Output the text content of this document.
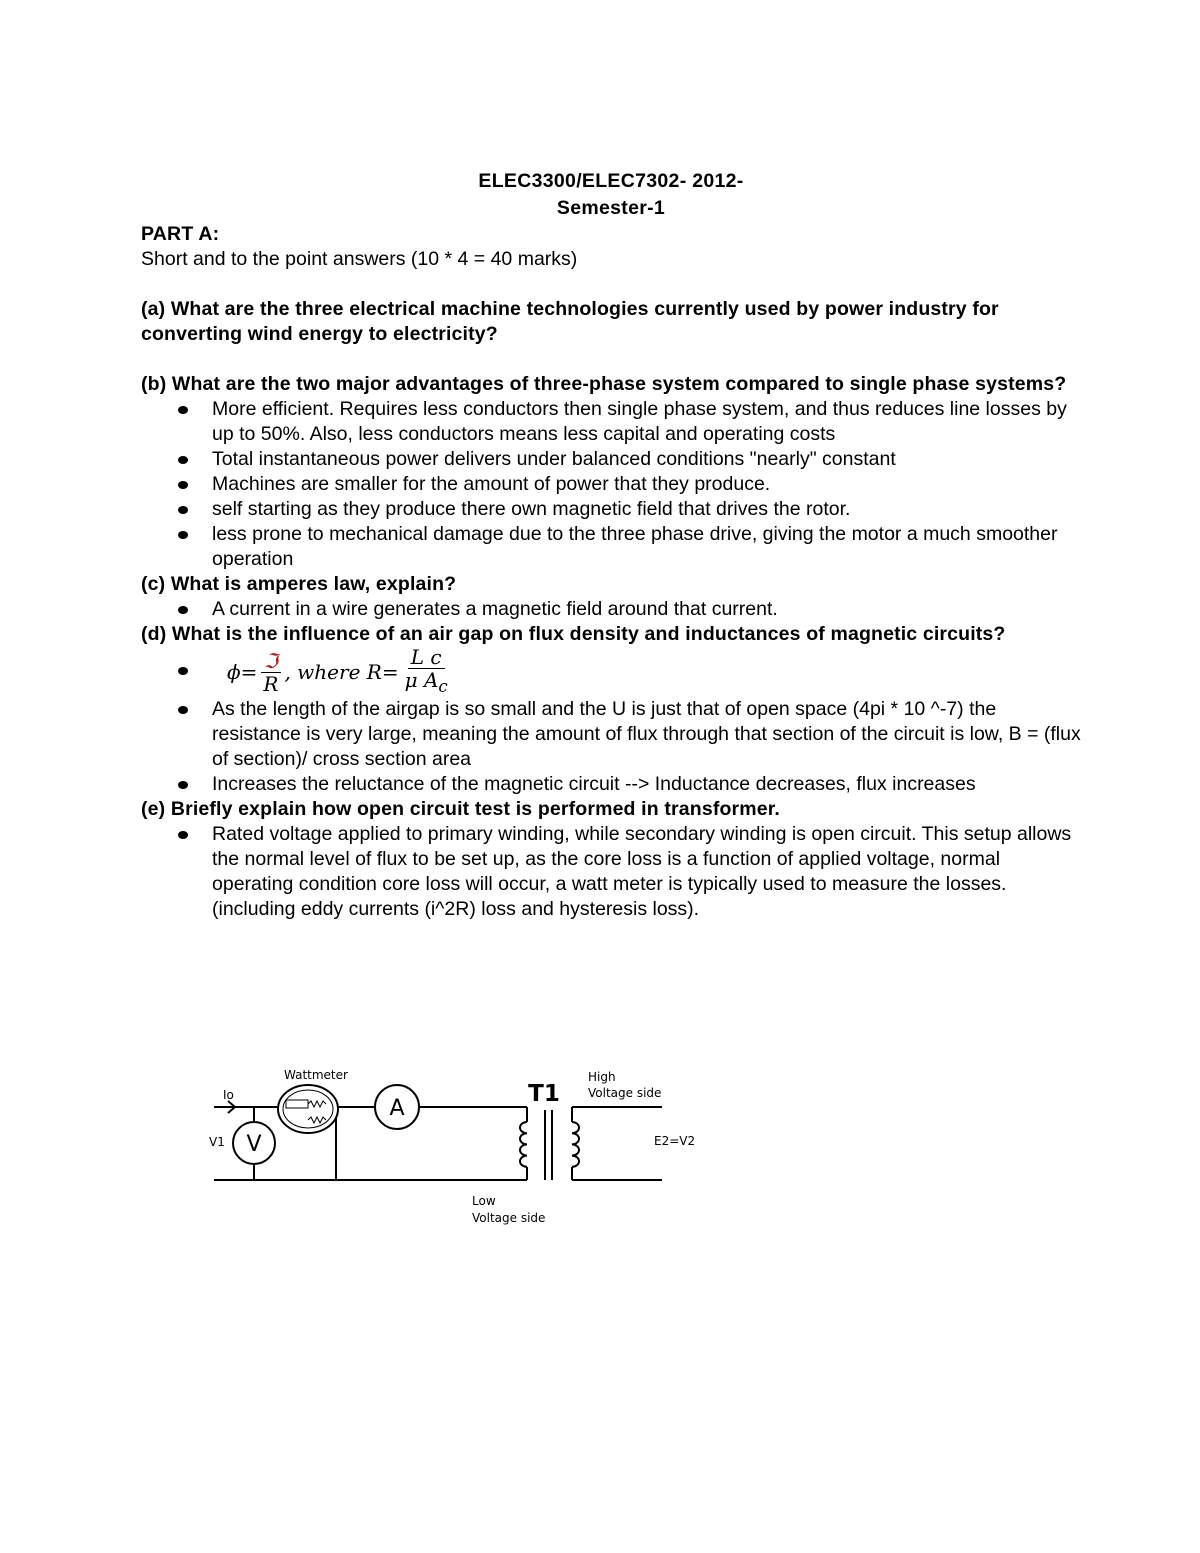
ELEC3300/ELEC7302- 2012-
Semester-1
PART A:
Short and to the point answers (10 * 4 = 40 marks)
(a) What are the three electrical machine technologies currently used by power industry for converting wind energy to electricity?
(b) What are the two major advantages of three-phase system compared to single phase systems?
More efficient. Requires less conductors then single phase system, and thus reduces line losses by up to 50%. Also, less conductors means less capital and operating costs
Total instantaneous power delivers under balanced conditions "nearly" constant
Machines are smaller for the amount of power that they produce.
self starting as they produce there own magnetic field that drives the rotor.
less prone to mechanical damage due to the three phase drive, giving the motor a much smoother operation
(c) What is amperes law, explain?
A current in a wire generates a magnetic field around that current.
(d) What is the influence of an air gap on flux density and inductances of magnetic circuits?
$\phi = \frac{\text{ℑ}}{R}$ , where $R = \frac{\text{L c}}{\mu A_c}$
As the length of the airgap is so small and the U is just that of open space (4pi * 10 ^-7) the resistance is very large, meaning the amount of flux through that section of the circuit is low, B = (flux of section)/ cross section area
Increases the reluctance of the magnetic circuit --> Inductance decreases, flux increases
(e) Briefly explain how open circuit test is performed in transformer.
Rated voltage applied to primary winding, while secondary winding is open circuit. This setup allows the normal level of flux to be set up, as the core loss is a function of applied voltage, normal operating condition core loss will occur, a watt meter is typically used to measure the losses. (including eddy currents (i^2R) loss and hysteresis loss).
V
A
Wattmeter
Io
V1
T1
High
Voltage side
Low
Voltage side
E2=V2
